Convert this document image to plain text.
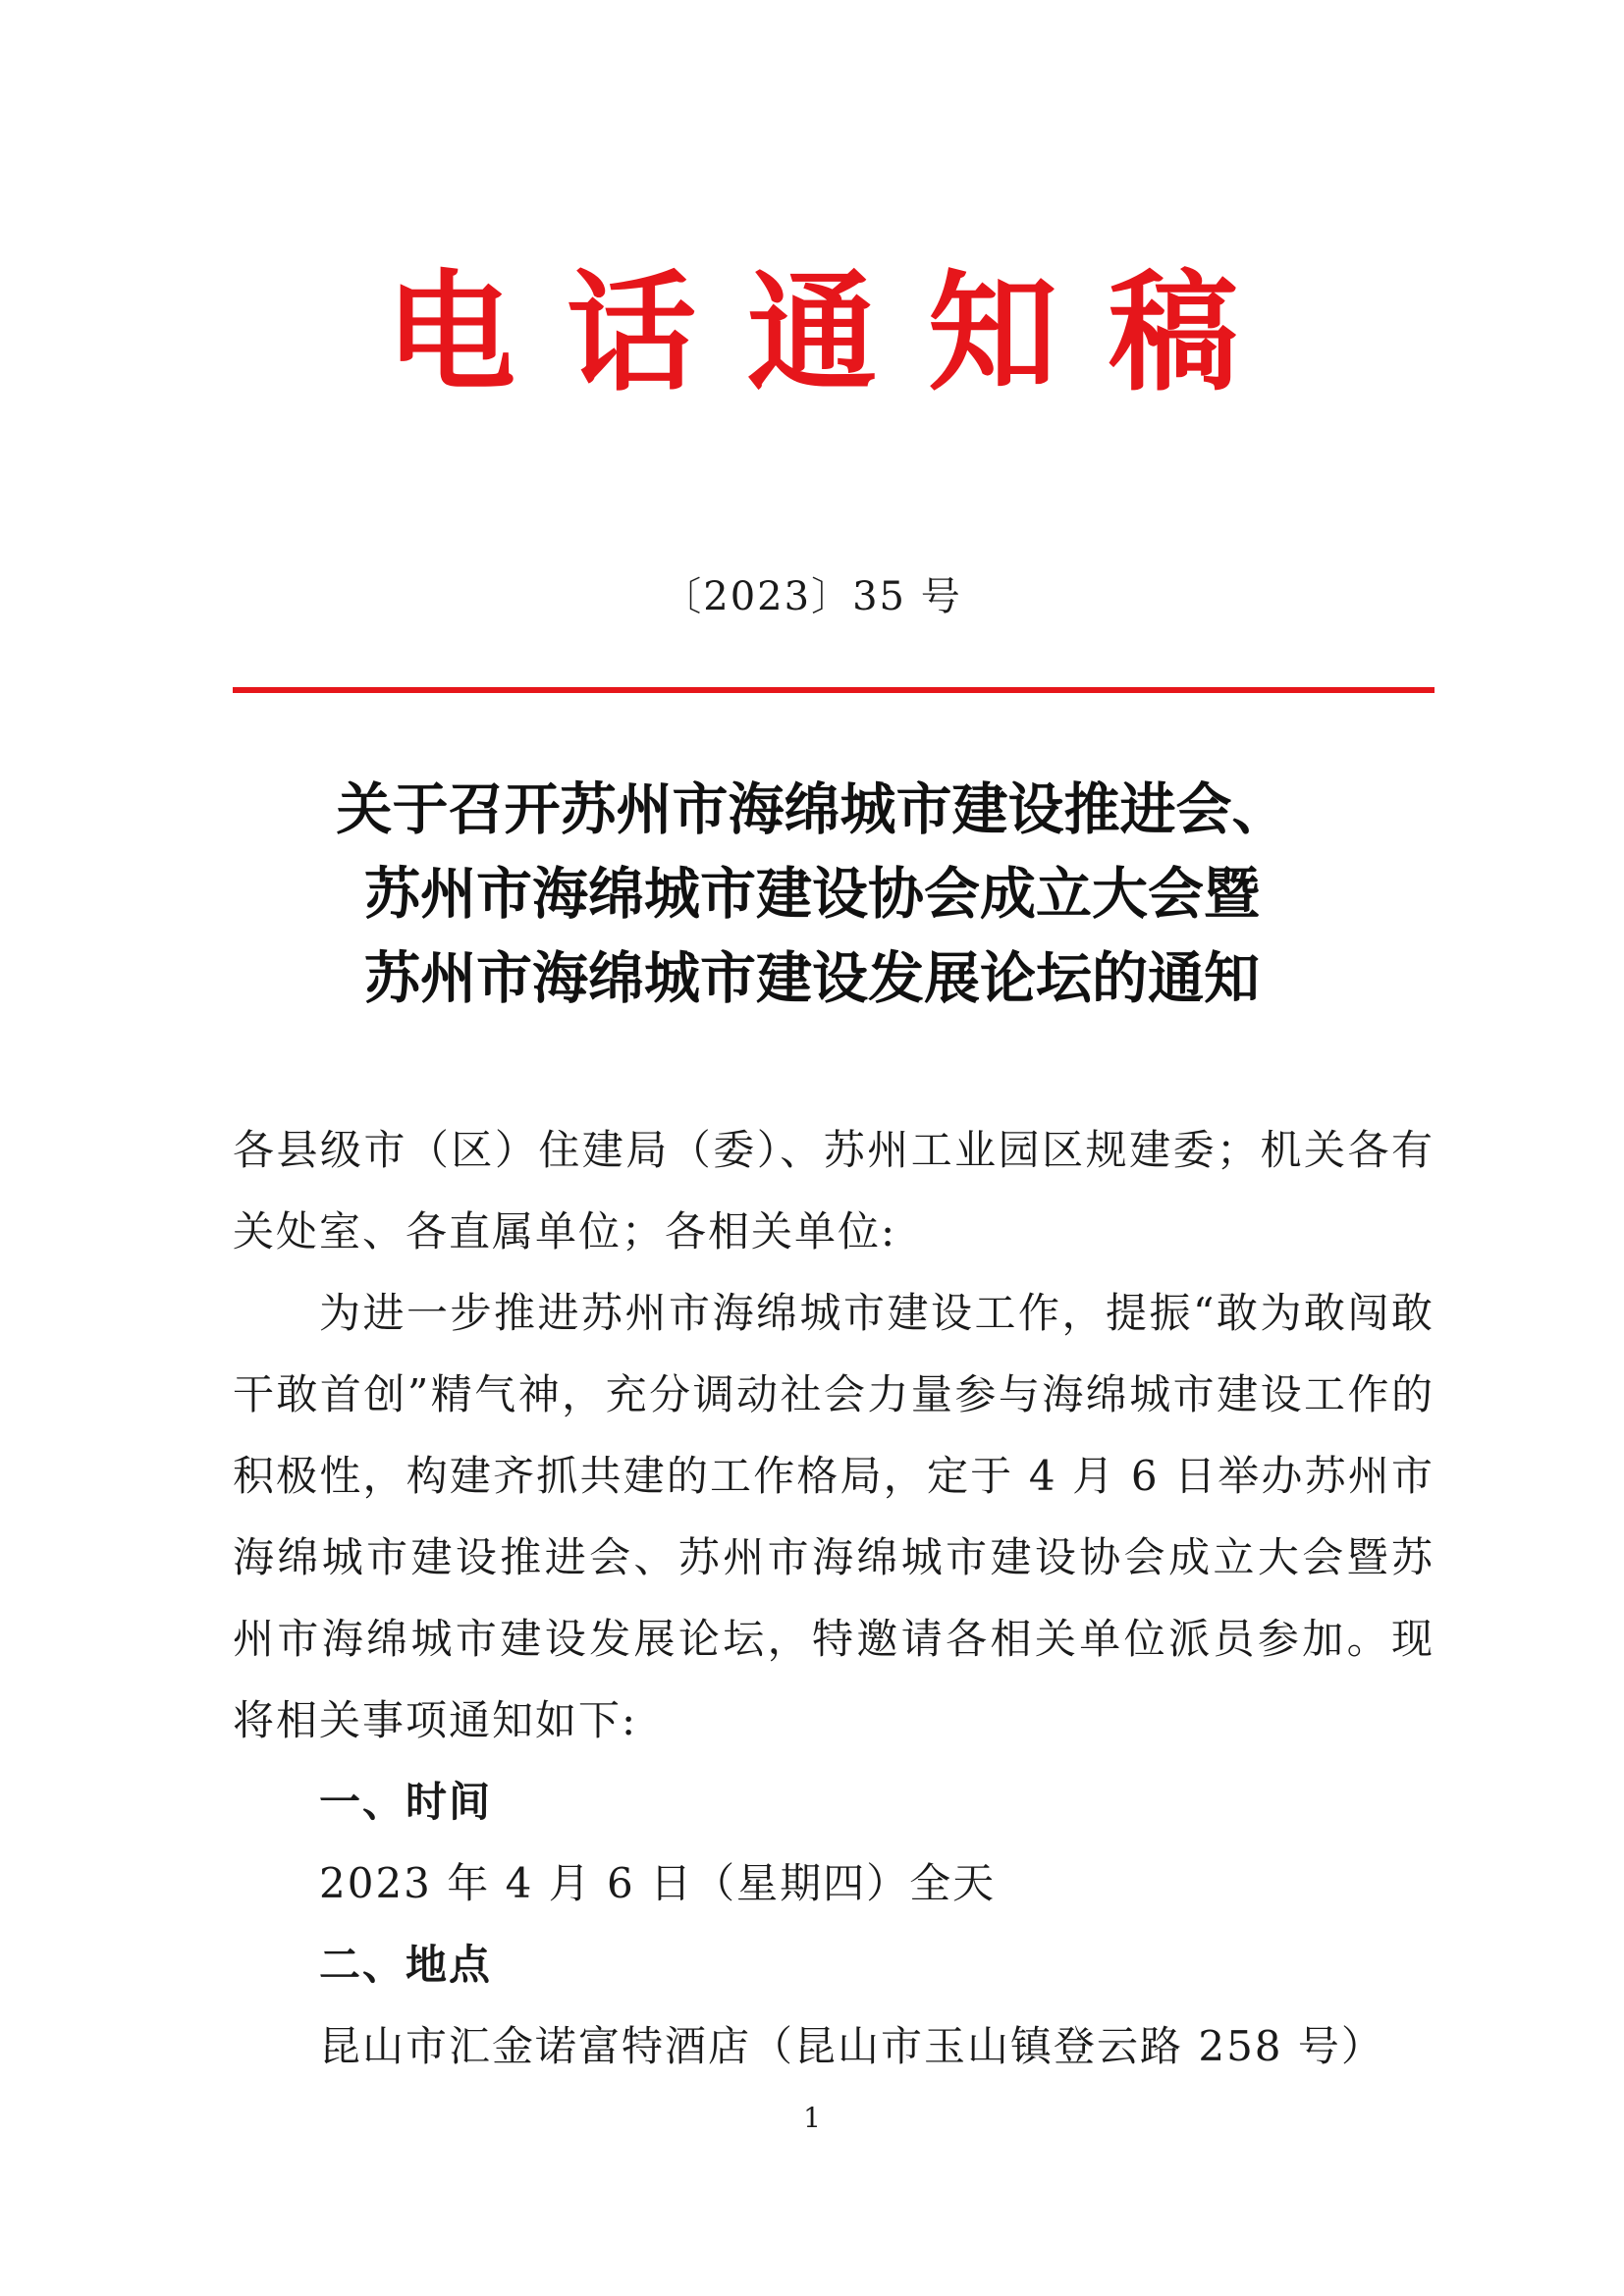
电话通知稿
〔2023〕35 号
关于召开苏州市海绵城市建设推进会、
苏州市海绵城市建设协会成立大会暨
苏州市海绵城市建设发展论坛的通知

各县级市（区）住建局（委）、苏州工业园区规建委；机关各有关处室、各直属单位；各相关单位:

为进一步推进苏州市海绵城市建设工作，提振“敢为敢闯敢干敢首创”精气神，充分调动社会力量参与海绵城市建设工作的积极性，构建齐抓共建的工作格局，定于 4 月 6 日举办苏州市海绵城市建设推进会、苏州市海绵城市建设协会成立大会暨苏州市海绵城市建设发展论坛，特邀请各相关单位派员参加。现将相关事项通知如下:

一、时间

2023 年 4 月 6 日（星期四）全天

二、地点

昆山市汇金诺富特酒店（昆山市玉山镇登云路 258 号）

1
